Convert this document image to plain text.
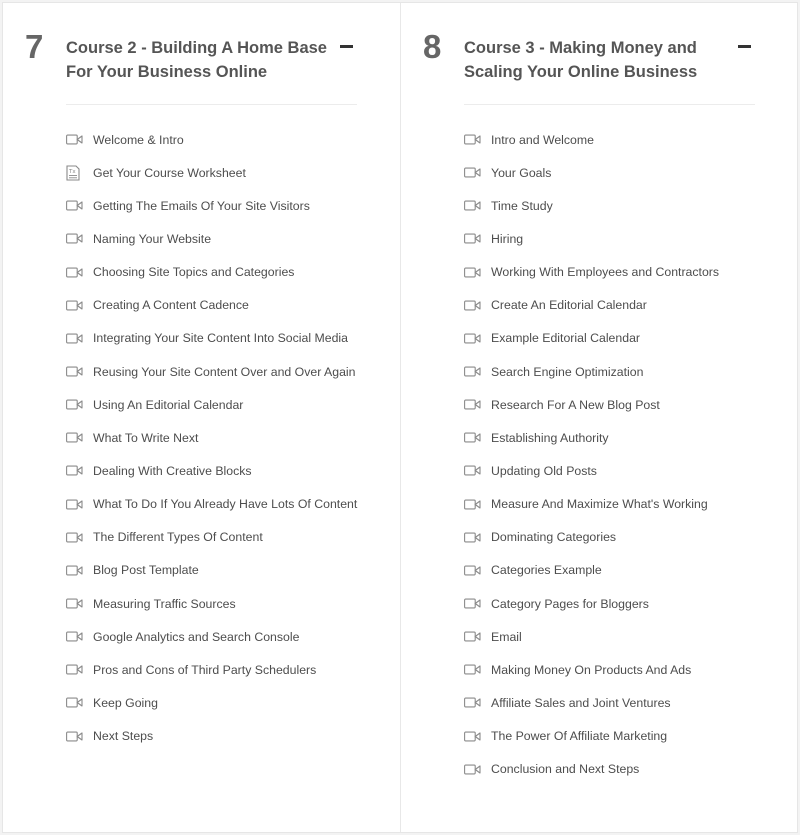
7 Course 2 - Building A Home Base For Your Business Online
Welcome & Intro
Tx Get Your Course Worksheet
Getting The Emails Of Your Site Visitors
Naming Your Website
Choosing Site Topics and Categories
Creating A Content Cadence
Integrating Your Site Content Into Social Media
Reusing Your Site Content Over and Over Again
Using An Editorial Calendar
What To Write Next
Dealing With Creative Blocks
What To Do If You Already Have Lots Of Content
The Different Types Of Content
Blog Post Template
Measuring Traffic Sources
Google Analytics and Search Console
Pros and Cons of Third Party Schedulers
Keep Going
Next Steps
8 Course 3 - Making Money and Scaling Your Online Business
Intro and Welcome
Your Goals
Time Study
Hiring
Working With Employees and Contractors
Create An Editorial Calendar
Example Editorial Calendar
Search Engine Optimization
Research For A New Blog Post
Establishing Authority
Updating Old Posts
Measure And Maximize What's Working
Dominating Categories
Categories Example
Category Pages for Bloggers
Email
Making Money On Products And Ads
Affiliate Sales and Joint Ventures
The Power Of Affiliate Marketing
Conclusion and Next Steps
